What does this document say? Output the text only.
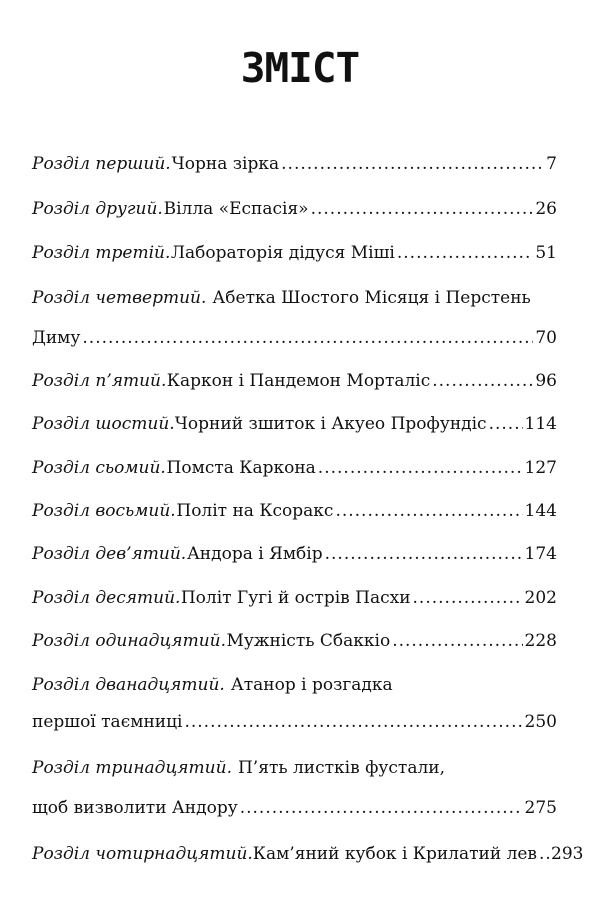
ЗМІСТ
Розділ перший. Чорна зірка .....	7
Розділ другий. Вілла «Еспасія» .....	26
Розділ третій. Лабораторія дідуся Міші .....	51
Розділ четвертий. Абетка Шостого Місяця і Перстень
Диму .....	70
Розділ п’ятий. Каркон і Пандемон Морталіс .....	96
Розділ шостий. Чорний зшиток і Акуео Профундіс ..... 114
Розділ сьомий. Помста Каркона .....	127
Розділ восьмий. Політ на Ксоракс .....	144
Розділ дев’ятий. Андора і Ямбір .....	174
Розділ десятий. Політ Гугі й острів Пасхи .....	202
Розділ одинадцятий. Мужність Сбаккіо .....	228
Розділ дванадцятий. Атанор і розгадка
першої таємниці .....	250
Розділ тринадцятий. П’ять листків фустали,
щоб визволити Андору .....	275
Розділ чотирнадцятий. Кам’яний кубок і Крилатий лев ..... 293
